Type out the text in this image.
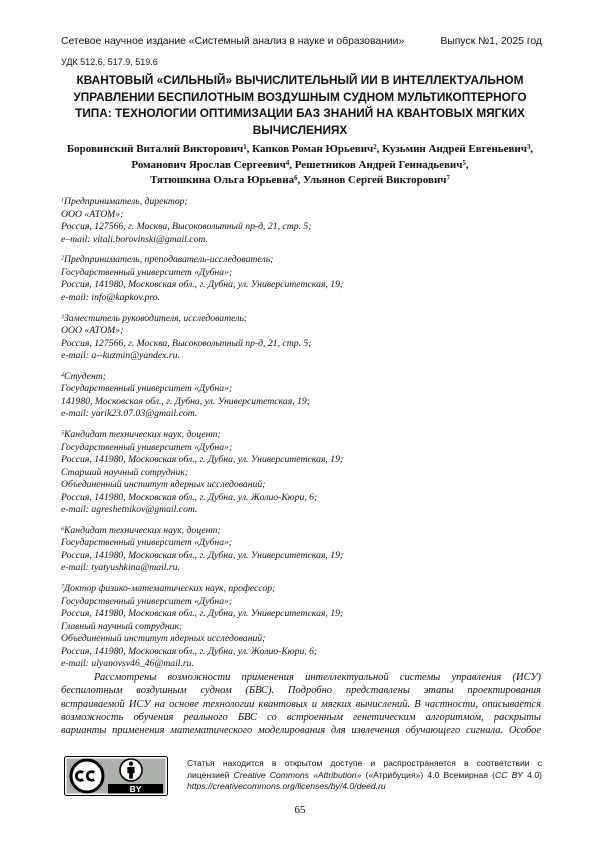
Сетевое научное издание «Системный анализ в науке и образовании»	Выпуск №1, 2025 год
УДК 512.6, 517.9, 519.6
КВАНТОВЫЙ «СИЛЬНЫЙ» ВЫЧИСЛИТЕЛЬНЫЙ ИИ В ИНТЕЛЛЕКТУАЛЬНОМ
УПРАВЛЕНИИ БЕСПИЛОТНЫМ ВОЗДУШНЫМ СУДНОМ МУЛЬТИКОПТЕРНОГО
ТИПА: ТЕХНОЛОГИИ ОПТИМИЗАЦИИ БАЗ ЗНАНИЙ НА КВАНТОВЫХ МЯГКИХ
ВЫЧИСЛЕНИЯХ
Боровинский Виталий Викторович1, Капков Роман Юрьевич2, Кузьмин Андрей Евгеньевич3,
Романович Ярослав Сергеевич4, Решетников Андрей Геннадьевич5,
Тятюшкина Ольга Юрьевна6, Ульянов Сергей Викторович7
1Предприниматель, директор;
ООО «АТОМ»;
Россия, 127566, г. Москва, Высоковольтный пр-д, 21, стр. 5;
e–mail: vitali.borovinski@gmail.com.
2Предприниматель, преподаватель-исследователь;
Государственный университет «Дубна»;
Россия, 141980, Московская обл., г. Дубна, ул. Университетская, 19;
e-mail: info@kapkov.pro.
3Заместитель руководителя, исследователь;
ООО «АТОМ»;
Россия, 127566, г. Москва, Высоковольтный пр-д, 21, стр. 5;
e-mail: a--kuzmin@yandex.ru.
4Студент;
Государственный университет «Дубна»;
141980, Московская обл., г. Дубна, ул. Университетская, 19;
e-mail: yarik23.07.03@gmail.com.
5Кандидат технических наук, доцент;
Государственный университет «Дубна»;
Россия, 141980, Московская обл., г. Дубна, ул. Университетская, 19;
Старший научный сотрудник;
Объединенный институт ядерных исследований;
Россия, 141980, Московская обл., г. Дубна, ул. Жолио-Кюри, 6;
e-mail: agreshetnikov@gmail.com.
6Кандидат технических наук, доцент;
Государственный университет «Дубна»;
Россия, 141980, Московская обл., г. Дубна, ул. Университетская, 19;
e-mail: tyatyushkina@mail.ru.
7Доктор физико-математических наук, профессор;
Государственный университет «Дубна»;
Россия, 141980, Московская обл., г. Дубна, ул. Университетская, 19;
Главный научный сотрудник;
Объединенный институт ядерных исследований;
Россия, 141980, Московская обл., г. Дубна, ул. Жолио-Кюри, 6;
e-mail: ulyanovsv46_46@mail.ru.
Рассмотрены возможности применения интеллектуальной системы управления (ИСУ)
беспилотным воздушным судном (БВС). Подробно представлены этапы проектирования
встраиваемой ИСУ на основе технологии квантовых и мягких вычислений. В частности, описывается
возможность обучения реального БВС со встроенным генетическим алгоритмом, раскрыты
варианты применения математического моделирования для извлечения обучающего сигнала. Особое
BY
Статья находится в открытом доступе и распространяется в соответствии с
лицензией Creative Commons «Attribution» («Атрибуция») 4.0 Всемирная (CC BY 4.0)
https://creativecommons.org/licenses/by/4.0/deed.ru
65
